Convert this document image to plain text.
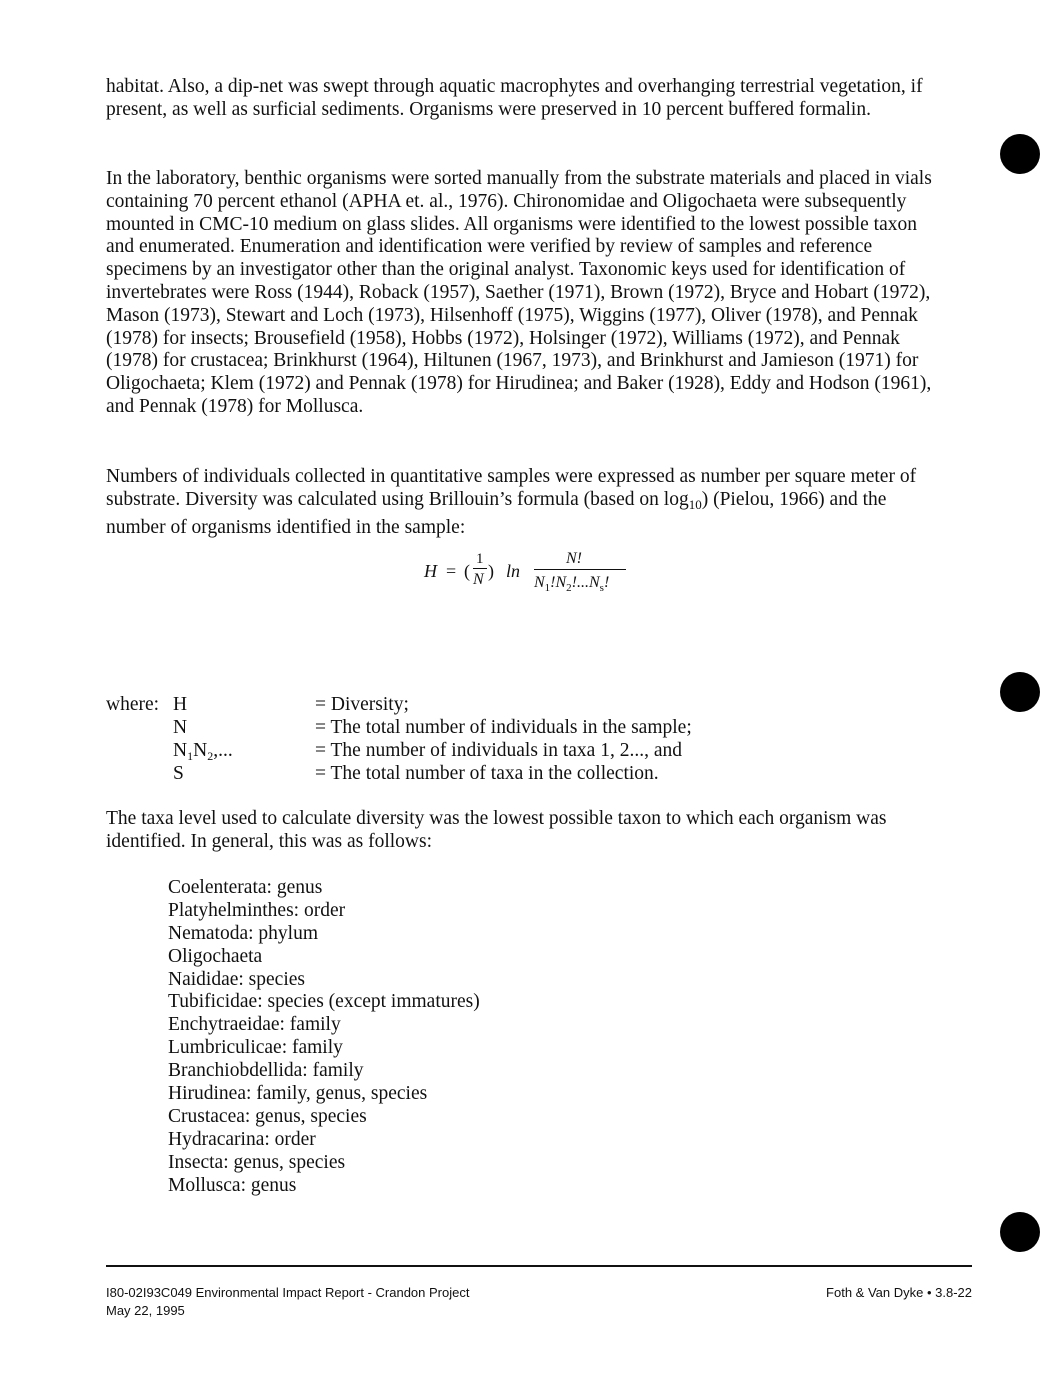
habitat. Also, a dip-net was swept through aquatic macrophytes and overhanging terrestrial vegetation, if present, as well as surficial sediments. Organisms were preserved in 10 percent buffered formalin.

In the laboratory, benthic organisms were sorted manually from the substrate materials and placed in vials containing 70 percent ethanol (APHA et. al., 1976). Chironomidae and Oligochaeta were subsequently mounted in CMC-10 medium on glass slides. All organisms were identified to the lowest possible taxon and enumerated. Enumeration and identification were verified by review of samples and reference specimens by an investigator other than the original analyst. Taxonomic keys used for identification of invertebrates were Ross (1944), Roback (1957), Saether (1971), Brown (1972), Bryce and Hobart (1972), Mason (1973), Stewart and Loch (1973), Hilsenhoff (1975), Wiggins (1977), Oliver (1978), and Pennak (1978) for insects; Brousefield (1958), Hobbs (1972), Holsinger (1972), Williams (1972), and Pennak (1978) for crustacea; Brinkhurst (1964), Hiltunen (1967, 1973), and Brinkhurst and Jamieson (1971) for Oligochaeta; Klem (1972) and Pennak (1978) for Hirudinea; and Baker (1928), Eddy and Hodson (1961), and Pennak (1978) for Mollusca.

Numbers of individuals collected in quantitative samples were expressed as number per square meter of substrate. Diversity was calculated using Brillouin’s formula (based on $\log_{10}$) (Pielou, 1966) and the number of organisms identified in the sample:

H = (
1
N ) ln
N!
$N_1!N_2!...N_s$!
where: H	= Diversity;
N	= The total number of individuals in the sample;
$N_1N_2$,...	= The number of individuals in taxa 1, 2..., and
S	= The total number of taxa in the collection.

The taxa level used to calculate diversity was the lowest possible taxon to which each organism was identified. In general, this was as follows:

Coelenterata: genus
Platyhelminthes: order
Nematoda: phylum
Oligochaeta
Naididae: species
Tubificidae: species (except immatures)
Enchytraeidae: family
Lumbriculicae: family
Branchiobdellida: family
Hirudinea: family, genus, species
Crustacea: genus, species
Hydracarina: order
Insecta: genus, species
Mollusca: genus
I80-02I93C049 Environmental Impact Report - Crandon Project
May 22, 1995
Foth & Van Dyke • 3.8-22
